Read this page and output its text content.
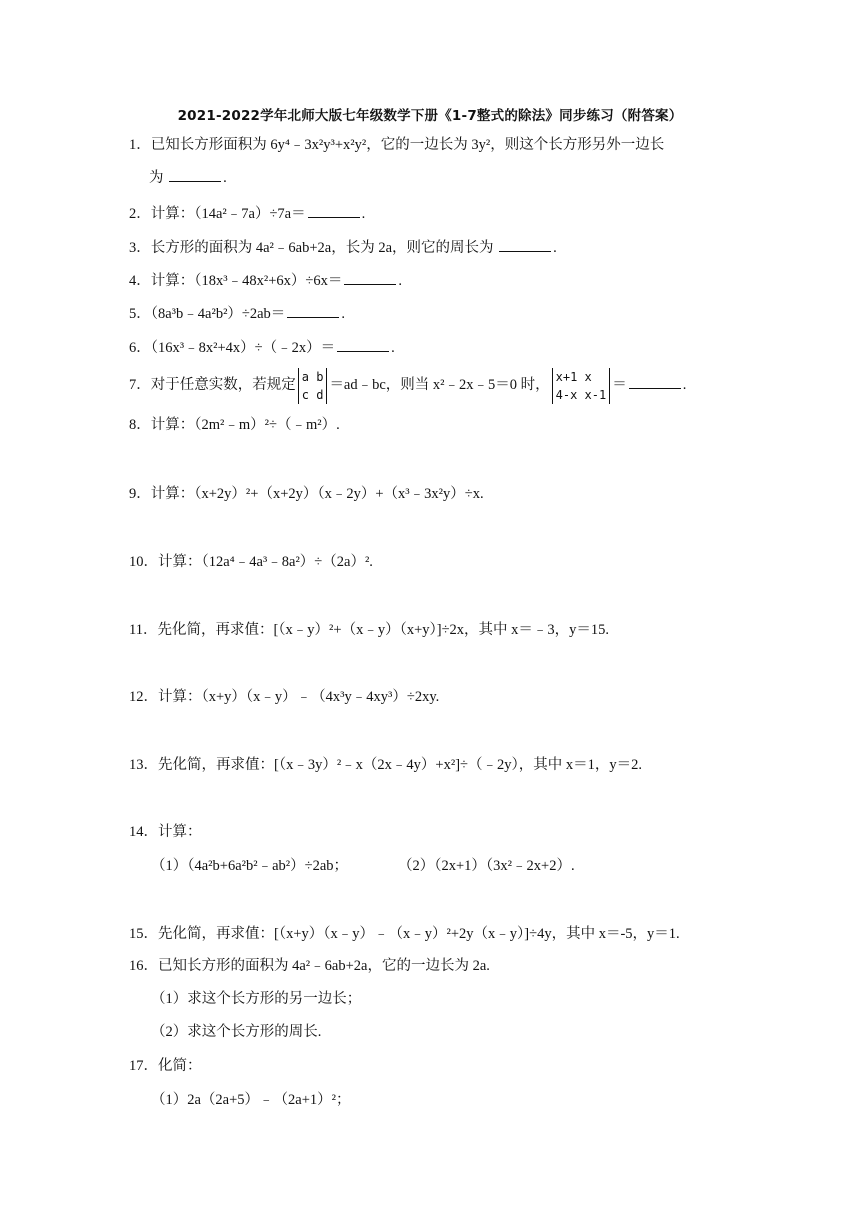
2021-2022学年北师大版七年级数学下册《1-7整式的除法》同步练习（附答案）
1．已知长方形面积为 6y⁴﹣3x²y³+x²y²，它的一边长为 3y²，则这个长方形另外一边长
为	.
2．计算：（14a²﹣7a）÷7a＝	.
3．长方形的面积为 4a²﹣6ab+2a，长为 2a，则它的周长为	.
4．计算：（18x³﹣48x²+6x）÷6x＝	.
5．（8a³b﹣4a²b²）÷2ab＝	.
6．（16x³﹣8x²+4x）÷（﹣2x）＝	.
7．对于任意实数，若规定
a b
c d
＝ad﹣bc，则当 x²﹣2x﹣5＝0 时，
x+1 x
4-x x-1
＝	.
8．计算：（2m²﹣m）²÷（﹣m²）.
9．计算：（x+2y）²+（x+2y）（x﹣2y）+（x³﹣3x²y）÷x.
10．计算：（12a⁴﹣4a³﹣8a²）÷（2a）².
11．先化简，再求值：[（x﹣y）²+（x﹣y）（x+y）]÷2x，其中 x＝﹣3，y＝15.
12．计算：（x+y）（x﹣y）﹣（4x³y﹣4xy³）÷2xy.
13．先化简，再求值：[（x﹣3y）²﹣x（2x﹣4y）+x²]÷（﹣2y），其中 x＝1，y＝2.
14．计算：
（1）（4a²b+6a²b²﹣ab²）÷2ab；	（2）（2x+1）（3x²﹣2x+2）.
15．先化简，再求值：[（x+y）（x﹣y）﹣（x﹣y）²+2y（x﹣y）]÷4y，其中 x＝-5，y＝1.
16．已知长方形的面积为 4a²﹣6ab+2a，它的一边长为 2a.
（1）求这个长方形的另一边长；
（2）求这个长方形的周长.
17．化简：
（1）2a（2a+5）﹣（2a+1）²；
